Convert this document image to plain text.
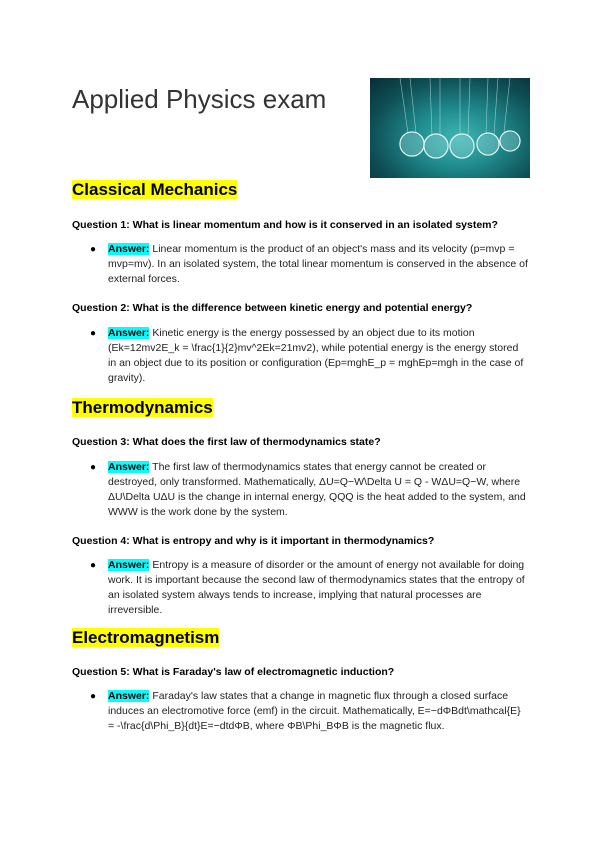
Applied Physics exam
Classical Mechanics

Question 1: What is linear momentum and how is it conserved in an isolated system?

● Answer: Linear momentum is the product of an object's mass and its velocity (p=mvp = mvp=mv). In an isolated system, the total linear momentum is conserved in the absence of external forces.

Question 2: What is the difference between kinetic energy and potential energy?

● Answer: Kinetic energy is the energy possessed by an object due to its motion (Ek=12mv2E_k = \frac{1}{2}mv^2Ek=21mv2), while potential energy is the energy stored in an object due to its position or configuration (Ep=mghE_p = mghEp=mgh in the case of gravity).

Thermodynamics

Question 3: What does the first law of thermodynamics state?

● Answer: The first law of thermodynamics states that energy cannot be created or destroyed, only transformed. Mathematically, ΔU=Q−W\Delta U = Q - WΔU=Q−W, where ΔU\Delta UΔU is the change in internal energy, QQQ is the heat added to the system, and WWW is the work done by the system.

Question 4: What is entropy and why is it important in thermodynamics?

● Answer: Entropy is a measure of disorder or the amount of energy not available for doing work. It is important because the second law of thermodynamics states that the entropy of an isolated system always tends to increase, implying that natural processes are irreversible.

Electromagnetism

Question 5: What is Faraday's law of electromagnetic induction?

● Answer: Faraday's law states that a change in magnetic flux through a closed surface induces an electromotive force (emf) in the circuit. Mathematically, E=−dΦBdt\mathcal{E} = -\frac{d\Phi_B}{dt}E=−dtdΦB, where ΦB\Phi_BΦB is the magnetic flux.
